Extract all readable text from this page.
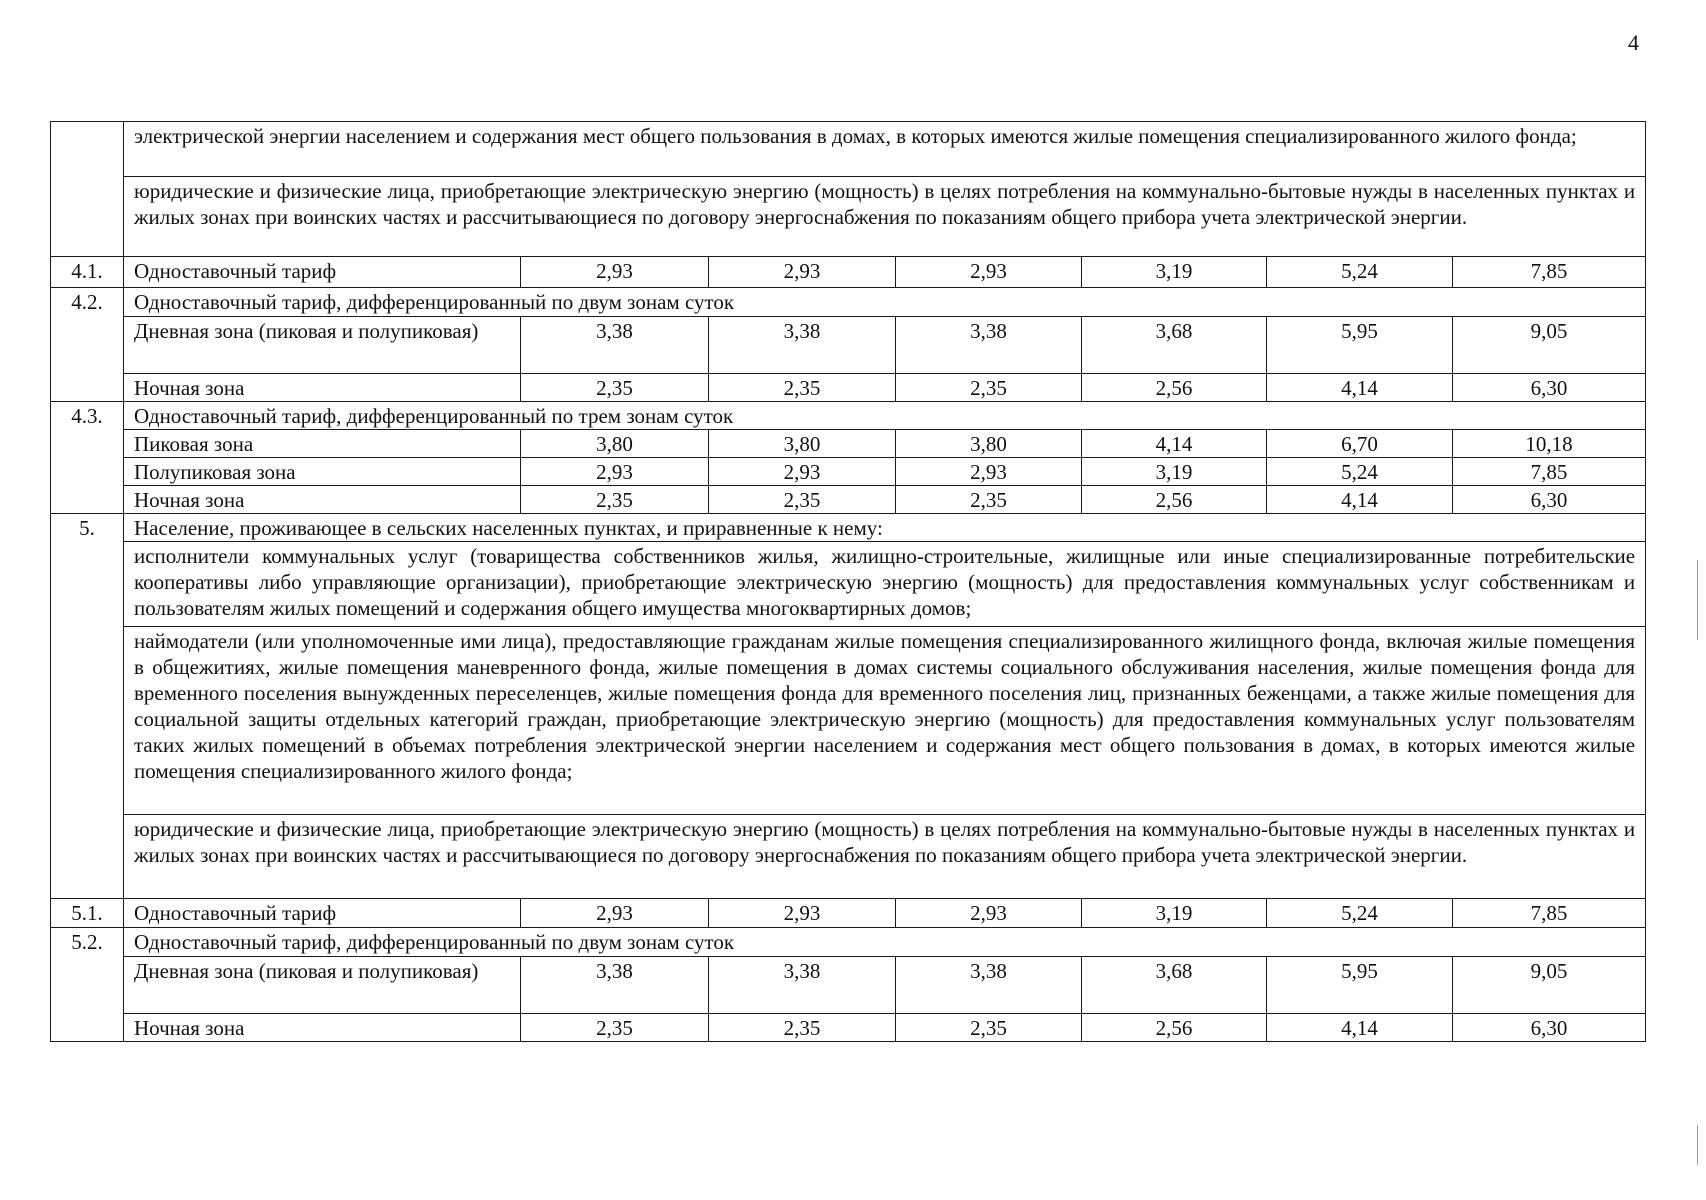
4
	электрической энергии населением и содержания мест общего пользования в домах, в которых имеются жилые помещения специализированного жилого фонда;						
	юридические и физические лица, приобретающие электрическую энергию (мощность) в целях потребления на коммунально-бытовые нужды в населенных пунктах и жилых зонах при воинских частях и рассчитывающиеся по договору энергоснабжения по показаниям общего прибора учета электрической энергии.						
4.1.	Одноставочный тариф	2,93	2,93	2,93	3,19	5,24	7,85
4.2.	Одноставочный тариф, дифференцированный по двум зонам суток						
	Дневная зона (пиковая и полупиковая)	3,38	3,38	3,38	3,68	5,95	9,05
	Ночная зона	2,35	2,35	2,35	2,56	4,14	6,30
4.3.	Одноставочный тариф, дифференцированный по трем зонам суток						
	Пиковая зона	3,80	3,80	3,80	4,14	6,70	10,18
	Полупиковая зона	2,93	2,93	2,93	3,19	5,24	7,85
	Ночная зона	2,35	2,35	2,35	2,56	4,14	6,30
5.	Население, проживающее в сельских населенных пунктах, и приравненные к нему:						
	исполнители коммунальных услуг (товарищества собственников жилья, жилищно-строительные, жилищные или иные специализированные потребительские кооперативы либо управляющие организации), приобретающие электрическую энергию (мощность) для предоставления коммунальных услуг собственникам и пользователям жилых помещений и содержания общего имущества многоквартирных домов;						
	наймодатели (или уполномоченные ими лица), предоставляющие гражданам жилые помещения специализированного жилищного фонда, включая жилые помещения в общежитиях, жилые помещения маневренного фонда, жилые помещения в домах системы социального обслуживания населения, жилые помещения фонда для временного поселения вынужденных переселенцев, жилые помещения фонда для временного поселения лиц, признанных беженцами, а также жилые помещения для социальной защиты отдельных категорий граждан, приобретающие электрическую энергию (мощность) для предоставления коммунальных услуг пользователям таких жилых помещений в объемах потребления электрической энергии населением и содержания мест общего пользования в домах, в которых имеются жилые помещения специализированного жилого фонда;						
	юридические и физические лица, приобретающие электрическую энергию (мощность) в целях потребления на коммунально-бытовые нужды в населенных пунктах и жилых зонах при воинских частях и рассчитывающиеся по договору энергоснабжения по показаниям общего прибора учета электрической энергии.						
5.1.	Одноставочный тариф	2,93	2,93	2,93	3,19	5,24	7,85
5.2.	Одноставочный тариф, дифференцированный по двум зонам суток						
	Дневная зона (пиковая и полупиковая)	3,38	3,38	3,38	3,68	5,95	9,05
	Ночная зона	2,35	2,35	2,35	2,56	4,14	6,30
